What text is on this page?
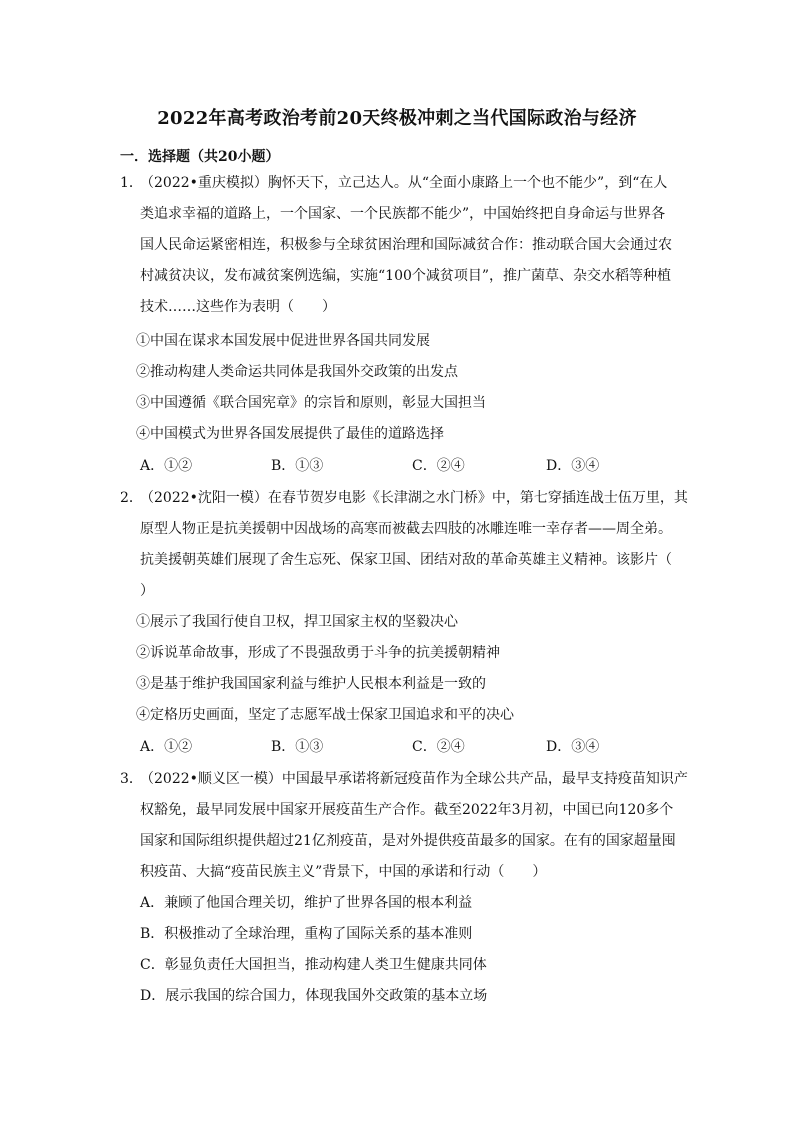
2022年高考政治考前20天终极冲刺之当代国际政治与经济
一．选择题（共20小题）
1．
（2022•重庆模拟）胸怀天下，立己达人。从“全面小康路上一个也不能少”，到“在人
类追求幸福的道路上，一个国家、一个民族都不能少”，中国始终把自身命运与世界各
国人民命运紧密相连，积极参与全球贫困治理和国际减贫合作：推动联合国大会通过农
村减贫决议，发布减贫案例选编，实施“100个减贫项目”，推广菌草、杂交水稻等种植
技术……这些作为表明（　　）
①中国在谋求本国发展中促进世界各国共同发展
②推动构建人类命运共同体是我国外交政策的出发点
③中国遵循《联合国宪章》的宗旨和原则，彰显大国担当
④中国模式为世界各国发展提供了最佳的道路选择
A．①②	B．①③	C．②④	D．③④
2．
（2022•沈阳一模）在春节贺岁电影《长津湖之水门桥》中，第七穿插连战士伍万里，其
原型人物正是抗美援朝中因战场的高寒而被截去四肢的冰雕连唯一幸存者——周全弟。
抗美援朝英雄们展现了舍生忘死、保家卫国、团结对敌的革命英雄主义精神。该影片（
）
①展示了我国行使自卫权，捍卫国家主权的坚毅决心
②诉说革命故事，形成了不畏强敌勇于斗争的抗美援朝精神
③是基于维护我国国家利益与维护人民根本利益是一致的
④定格历史画面，坚定了志愿军战士保家卫国追求和平的决心
A．①②	B．①③	C．②④	D．③④
3．
（2022•顺义区一模）中国最早承诺将新冠疫苗作为全球公共产品，最早支持疫苗知识产
权豁免，最早同发展中国家开展疫苗生产合作。截至2022年3月初，中国已向120多个
国家和国际组织提供超过21亿剂疫苗，是对外提供疫苗最多的国家。在有的国家超量囤
积疫苗、大搞“疫苗民族主义”背景下，中国的承诺和行动（　　）
A．兼顾了他国合理关切，维护了世界各国的根本利益
B．积极推动了全球治理，重构了国际关系的基本准则
C．彰显负责任大国担当，推动构建人类卫生健康共同体
D．展示我国的综合国力，体现我国外交政策的基本立场
